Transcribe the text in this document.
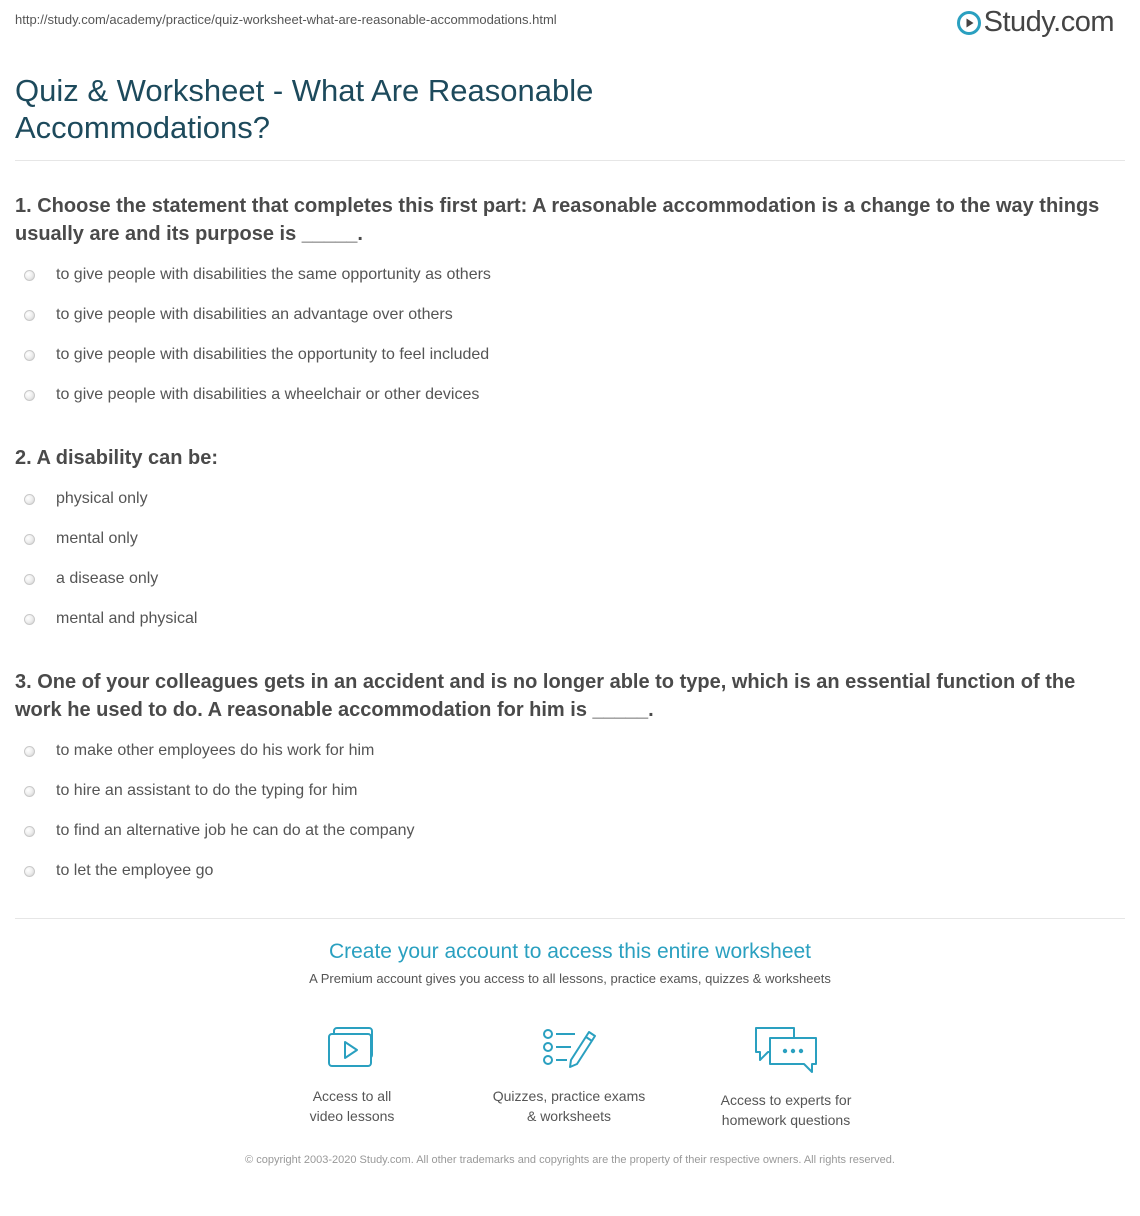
http://study.com/academy/practice/quiz-worksheet-what-are-reasonable-accommodations.html	Study.com
Quiz & Worksheet - What Are Reasonable Accommodations?
1. Choose the statement that completes this first part: A reasonable accommodation is a change to the way things usually are and its purpose is _____.
to give people with disabilities the same opportunity as others
to give people with disabilities an advantage over others
to give people with disabilities the opportunity to feel included
to give people with disabilities a wheelchair or other devices
2. A disability can be:
physical only
mental only
a disease only
mental and physical
3. One of your colleagues gets in an accident and is no longer able to type, which is an essential function of the work he used to do. A reasonable accommodation for him is _____.
to make other employees do his work for him
to hire an assistant to do the typing for him
to find an alternative job he can do at the company
to let the employee go
Create your account to access this entire worksheet
A Premium account gives you access to all lessons, practice exams, quizzes & worksheets
Access to all
video lessons
Quizzes, practice exams
& worksheets
Access to experts for
homework questions
© copyright 2003-2020 Study.com. All other trademarks and copyrights are the property of their respective owners. All rights reserved.
